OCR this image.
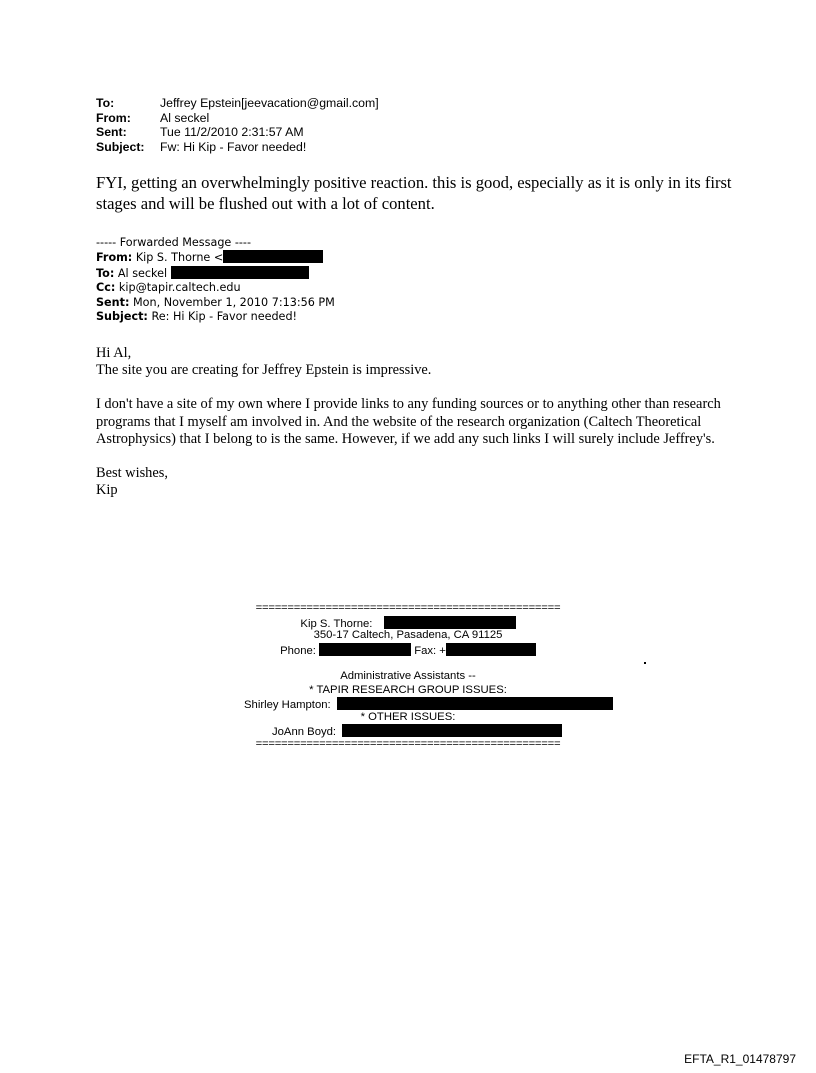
To:	Jeffrey Epstein[jeevacation@gmail.com]
From:	Al seckel
Sent:	Tue 11/2/2010 2:31:57 AM
Subject:	Fw: Hi Kip - Favor needed!
FYI, getting an overwhelmingly positive reaction. this is good, especially as it is only in its first stages and will be flushed out with a lot of content.
----- Forwarded Message ----
From: Kip S. Thorne <
To: Al seckel
Cc: kip@tapir.caltech.edu
Sent: Mon, November 1, 2010 7:13:56 PM
Subject: Re: Hi Kip - Favor needed!

Hi Al,

The site you are creating for Jeffrey Epstein is impressive.

I don't have a site of my own where I provide links to any funding sources or to anything other than research programs that I myself am involved in. And the website of the research organization (Caltech Theoretical Astrophysics) that I belong to is the same. However, if we add any such links I will surely include Jeffrey's.

Best wishes,

Kip

================================================
Kip S. Thorne:
350-17 Caltech, Pasadena, CA 91125
Phone:	Fax: +
Administrative Assistants --
* TAPIR RESEARCH GROUP ISSUES:
Shirley Hampton:
* OTHER ISSUES:
JoAnn Boyd:
================================================
EFTA_R1_01478797
